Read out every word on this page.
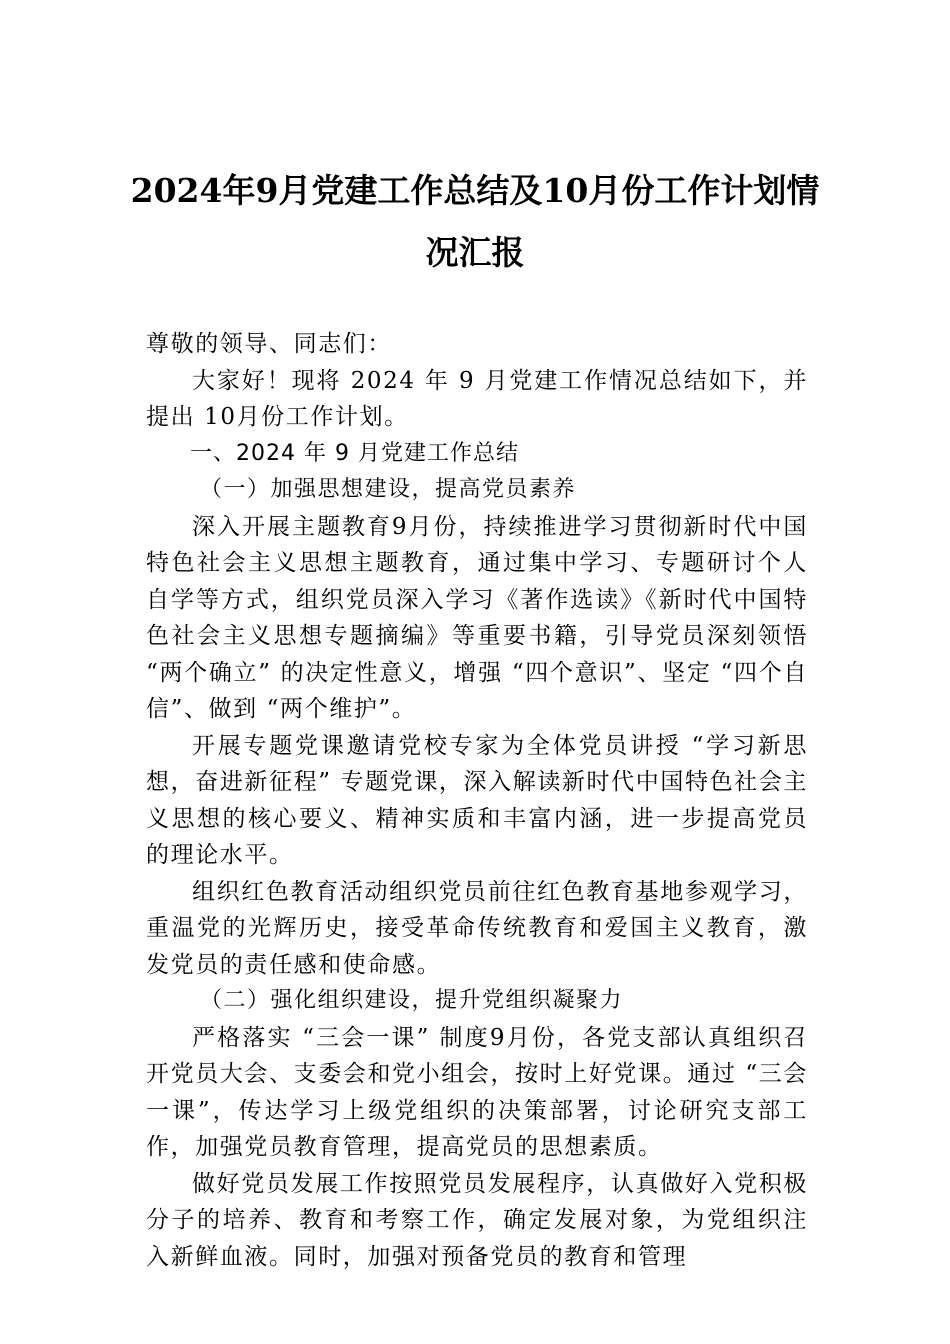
2024年9月党建工作总结及10月份工作计划情况汇报

尊敬的领导、同志们：

大家好！现将 2024 年 9 月党建工作情况总结如下，并提出 10月份工作计划。

一、2024 年 9 月党建工作总结

（一）加强思想建设，提高党员素养

深入开展主题教育9月份，持续推进学习贯彻新时代中国特色社会主义思想主题教育，通过集中学习、专题研讨个人自学等方式，组织党员深入学习《著作选读》《新时代中国特色社会主义思想专题摘编》等重要书籍，引导党员深刻领悟 “两个确立” 的决定性意义，增强 “四个意识”、坚定 “四个自信”、做到 “两个维护”。

开展专题党课邀请党校专家为全体党员讲授 “学习新思想，奋进新征程” 专题党课，深入解读新时代中国特色社会主义思想的核心要义、精神实质和丰富内涵，进一步提高党员的理论水平。

组织红色教育活动组织党员前往红色教育基地参观学习，重温党的光辉历史，接受革命传统教育和爱国主义教育，激发党员的责任感和使命感。

（二）强化组织建设，提升党组织凝聚力

严格落实 “三会一课” 制度9月份，各党支部认真组织召开党员大会、支委会和党小组会，按时上好党课。通过 “三会一课”，传达学习上级党组织的决策部署，讨论研究支部工作，加强党员教育管理，提高党员的思想素质。

做好党员发展工作按照党员发展程序，认真做好入党积极分子的培养、教育和考察工作，确定发展对象，为党组织注入新鲜血液。同时，加强对预备党员的教育和管理
